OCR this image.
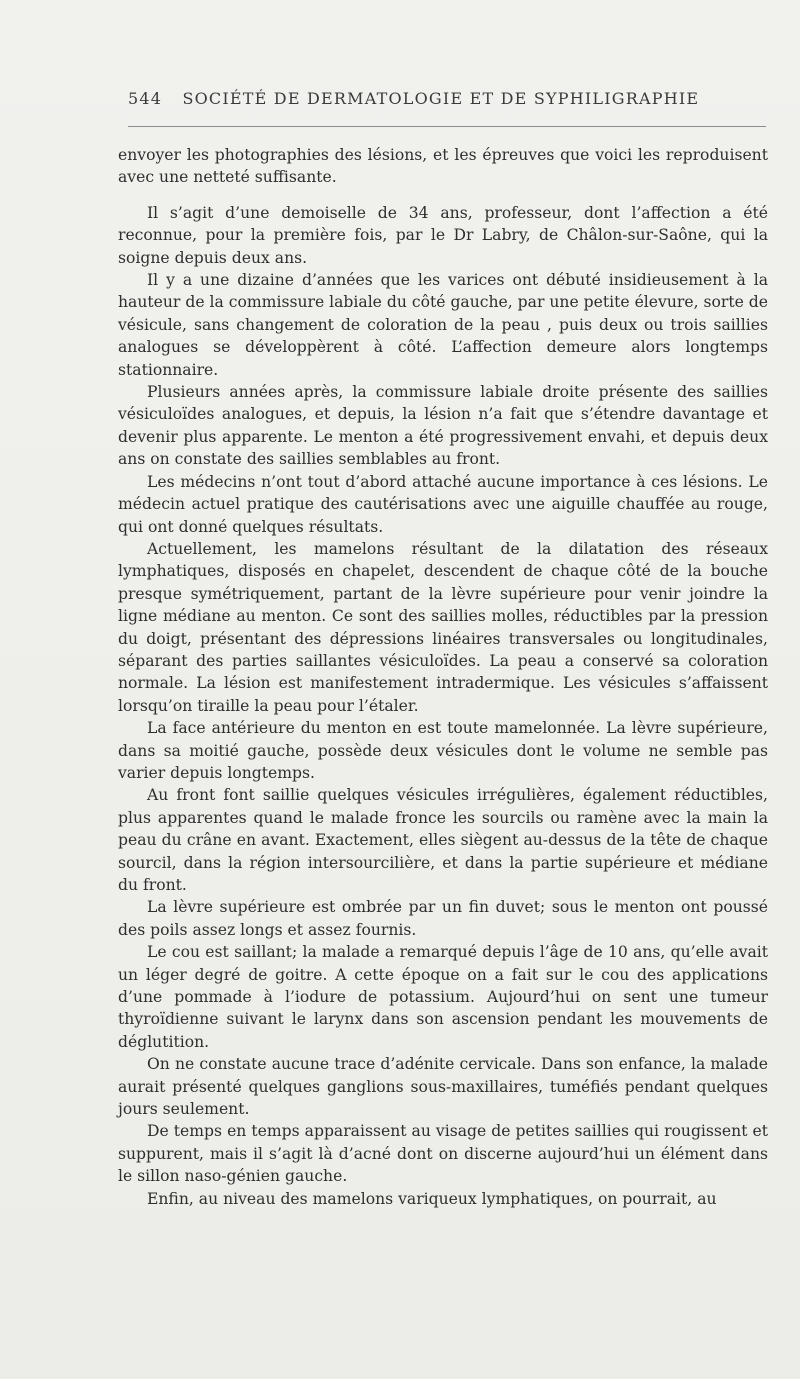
544 SOCIÉTÉ DE DERMATOLOGIE ET DE SYPHILIGRAPHIE

envoyer les photographies des lésions, et les épreuves que voici les reproduisent avec une netteté suffisante.

Il s’agit d’une demoiselle de 34 ans, professeur, dont l’affection a été reconnue, pour la première fois, par le Dr Labry, de Châlon-sur-Saône, qui la soigne depuis deux ans.

Il y a une dizaine d’années que les varices ont débuté insidieusement à la hauteur de la commissure labiale du côté gauche, par une petite élevure, sorte de vésicule, sans changement de coloration de la peau , puis deux ou trois saillies analogues se développèrent à côté. L’affection demeure alors longtemps stationnaire.

Plusieurs années après, la commissure labiale droite présente des saillies vésiculoïdes analogues, et depuis, la lésion n’a fait que s’étendre davantage et devenir plus apparente. Le menton a été progressivement envahi, et depuis deux ans on constate des saillies semblables au front.

Les médecins n’ont tout d’abord attaché aucune importance à ces lésions. Le médecin actuel pratique des cautérisations avec une aiguille chauffée au rouge, qui ont donné quelques résultats.

Actuellement, les mamelons résultant de la dilatation des réseaux lymphatiques, disposés en chapelet, descendent de chaque côté de la bouche presque symétriquement, partant de la lèvre supérieure pour venir joindre la ligne médiane au menton. Ce sont des saillies molles, réductibles par la pression du doigt, présentant des dépressions linéaires transversales ou longitudinales, séparant des parties saillantes vésiculoïdes. La peau a conservé sa coloration normale. La lésion est manifestement intradermique. Les vésicules s’affaissent lorsqu’on tiraille la peau pour l’étaler.

La face antérieure du menton en est toute mamelonnée. La lèvre supérieure, dans sa moitié gauche, possède deux vésicules dont le volume ne semble pas varier depuis longtemps.

Au front font saillie quelques vésicules irrégulières, également réductibles, plus apparentes quand le malade fronce les sourcils ou ramène avec la main la peau du crâne en avant. Exactement, elles siègent au-dessus de la tête de chaque sourcil, dans la région intersourcilière, et dans la partie supérieure et médiane du front.

La lèvre supérieure est ombrée par un fin duvet; sous le menton ont poussé des poils assez longs et assez fournis.

Le cou est saillant; la malade a remarqué depuis l’âge de 10 ans, qu’elle avait un léger degré de goitre. A cette époque on a fait sur le cou des applications d’une pommade à l’iodure de potassium. Aujourd’hui on sent une tumeur thyroïdienne suivant le larynx dans son ascension pendant les mouvements de déglutition.

On ne constate aucune trace d’adénite cervicale. Dans son enfance, la malade aurait présenté quelques ganglions sous-maxillaires, tuméfiés pendant quelques jours seulement.

De temps en temps apparaissent au visage de petites saillies qui rougissent et suppurent, mais il s’agit là d’acné dont on discerne aujourd’hui un élément dans le sillon naso-génien gauche.

Enfin, au niveau des mamelons variqueux lymphatiques, on pourrait, au
